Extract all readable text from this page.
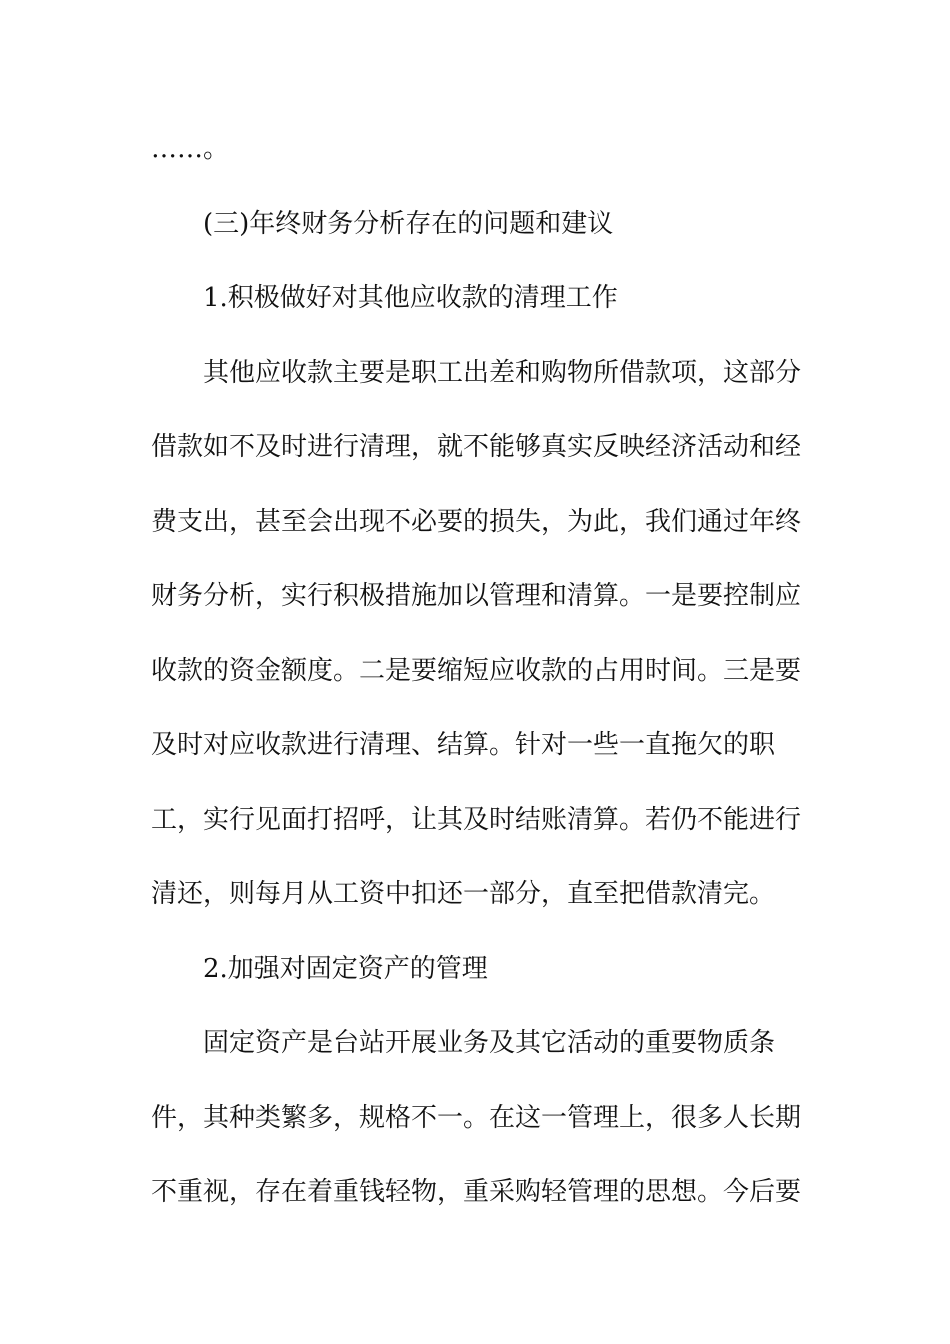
……。

(三)年终财务分析存在的问题和建议

1.积极做好对其他应收款的清理工作

其他应收款主要是职工出差和购物所借款项，这部分

借款如不及时进行清理，就不能够真实反映经济活动和经

费支出，甚至会出现不必要的损失，为此，我们通过年终

财务分析，实行积极措施加以管理和清算。一是要控制应

收款的资金额度。二是要缩短应收款的占用时间。三是要

及时对应收款进行清理、结算。针对一些一直拖欠的职

工，实行见面打招呼，让其及时结账清算。若仍不能进行

清还，则每月从工资中扣还一部分，直至把借款清完。

2.加强对固定资产的管理

固定资产是台站开展业务及其它活动的重要物质条

件，其种类繁多，规格不一。在这一管理上，很多人长期

不重视，存在着重钱轻物，重采购轻管理的思想。今后要
